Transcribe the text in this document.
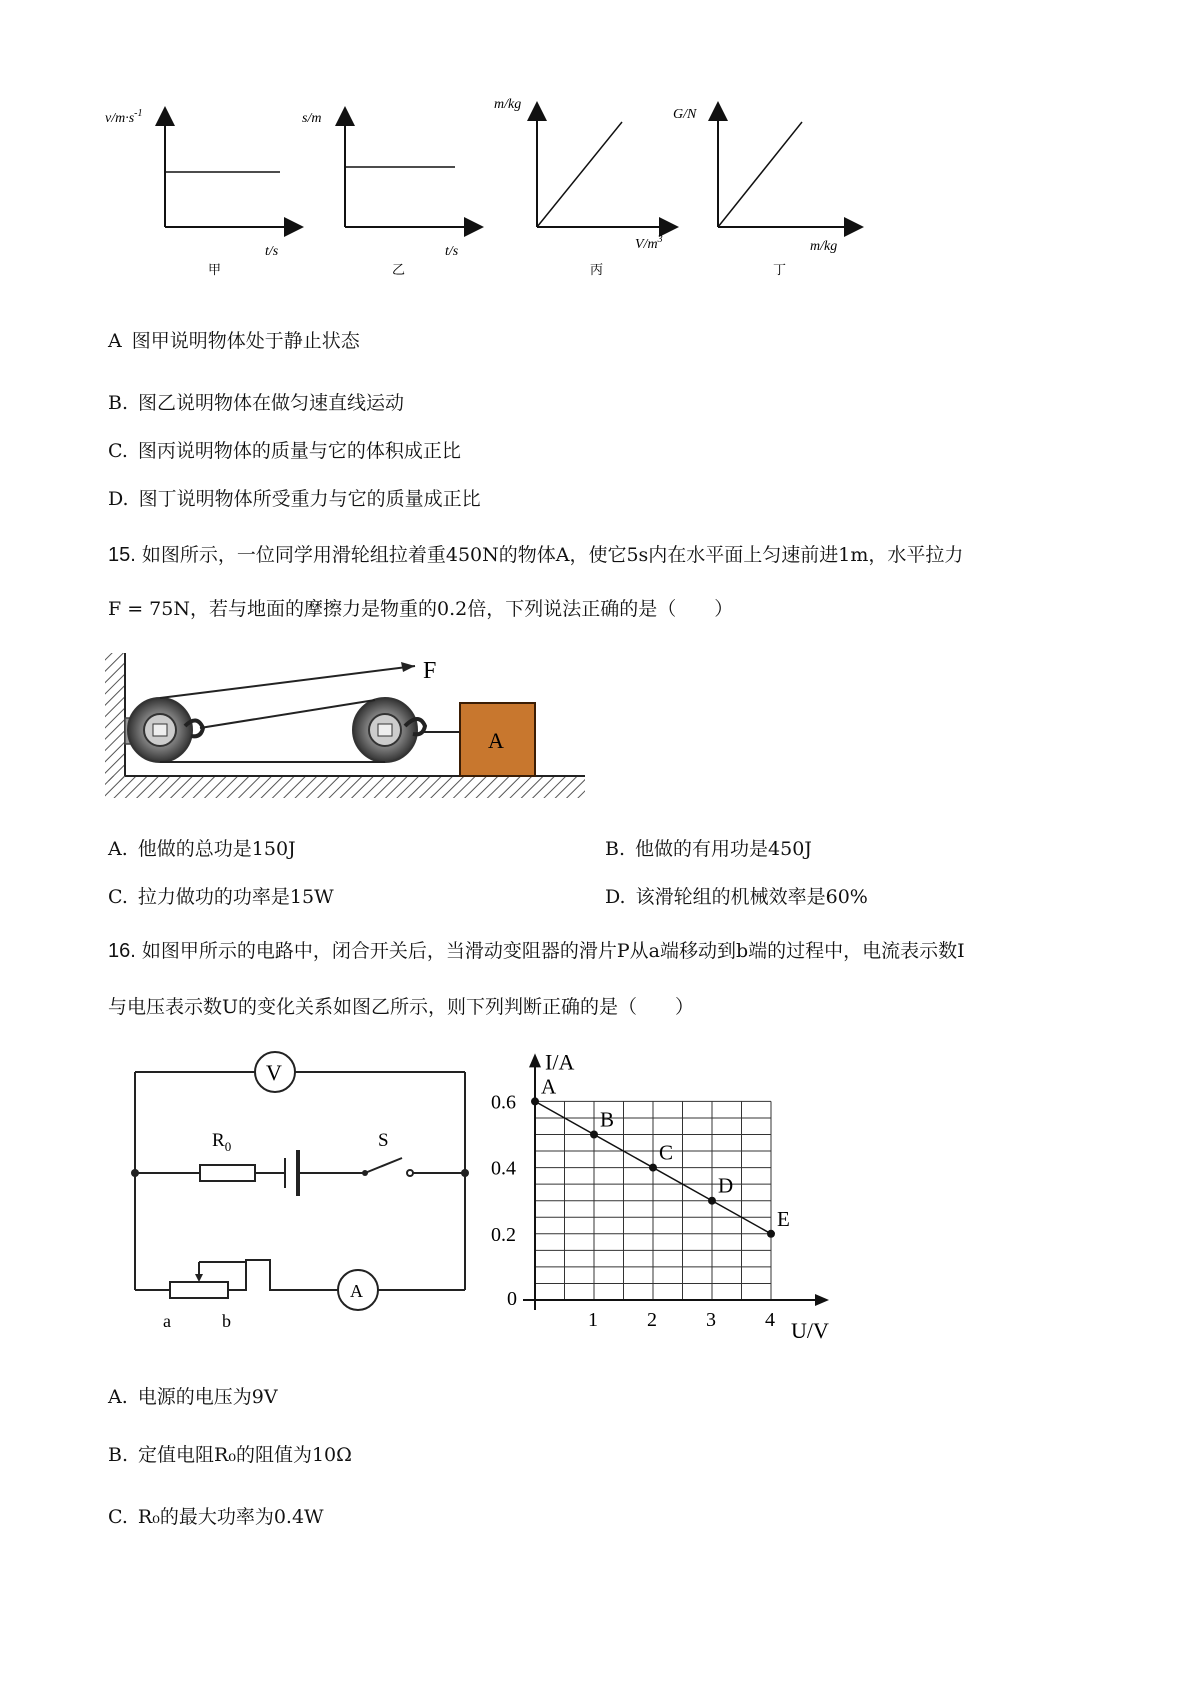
$v/m\cdot s^{-1}$
t/s
甲
s/m
t/s
乙
m/kg
$V/m^3$
丙
G/N
m/kg
丁
A 图甲说明物体处于静止状态
B. 图乙说明物体在做匀速直线运动
C. 图丙说明物体的质量与它的体积成正比
D. 图丁说明物体所受重力与它的质量成正比
15. 如图所示，一位同学用滑轮组拉着重450N的物体A，使它5s内在水平面上匀速前进1m，水平拉力
F = 75N，若与地面的摩擦力是物重的0.2倍，下列说法正确的是（　　）
F
A
A. 他做的总功是150J	B. 他做的有用功是450J
C. 拉力做功的功率是15W	D. 该滑轮组的机械效率是60%
16. 如图甲所示的电路中，闭合开关后，当滑动变阻器的滑片P从a端移动到b端的过程中，电流表示数I
与电压表示数U的变化关系如图乙所示，则下列判断正确的是（　　）
V
$R_0$	S
a	b
A
I/A
U/V
1 2 3 4
0.2
0.4
0.6
0
A
B
C
D
E
A. 电源的电压为9V
B. 定值电阻R₀的阻值为10Ω
C. R₀的最大功率为0.4W
